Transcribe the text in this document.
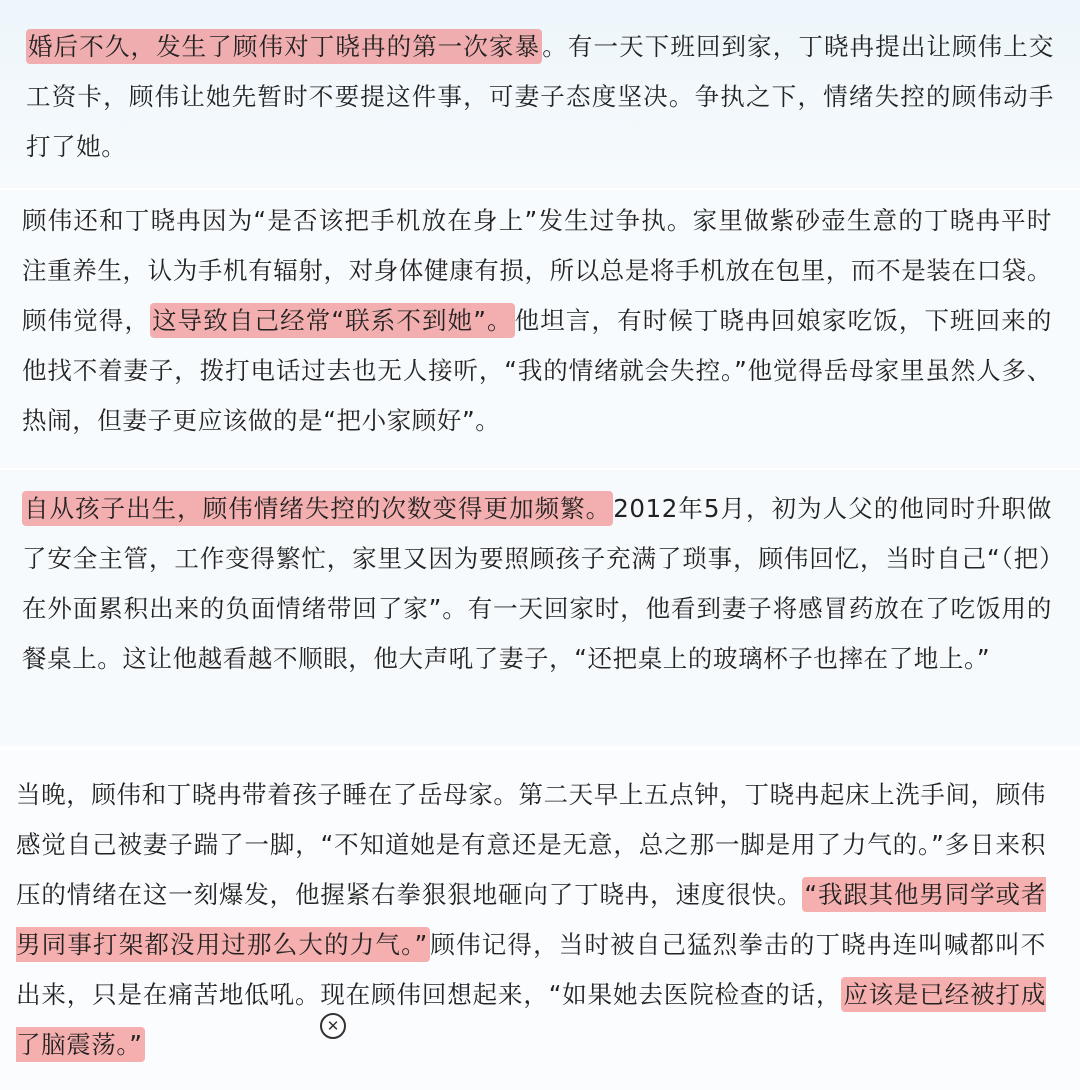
婚后不久，发生了顾伟对丁晓冉的第一次家暴。有一天下班回到家，丁晓冉提出让顾伟上交工资卡，顾伟让她先暂时不要提这件事，可妻子态度坚决。争执之下，情绪失控的顾伟动手打了她。

顾伟还和丁晓冉因为“是否该把手机放在身上”发生过争执。家里做紫砂壶生意的丁晓冉平时注重养生，认为手机有辐射，对身体健康有损，所以总是将手机放在包里，而不是装在口袋。顾伟觉得，这导致自己经常“联系不到她”。他坦言，有时候丁晓冉回娘家吃饭，下班回来的他找不着妻子，拨打电话过去也无人接听，“我的情绪就会失控。”他觉得岳母家里虽然人多、热闹，但妻子更应该做的是“把小家顾好”。

自从孩子出生，顾伟情绪失控的次数变得更加频繁。2012年5月，初为人父的他同时升职做了安全主管，工作变得繁忙，家里又因为要照顾孩子充满了琐事，顾伟回忆，当时自己“（把）在外面累积出来的负面情绪带回了家”。有一天回家时，他看到妻子将感冒药放在了吃饭用的餐桌上。这让他越看越不顺眼，他大声吼了妻子，“还把桌上的玻璃杯子也摔在了地上。”

当晚，顾伟和丁晓冉带着孩子睡在了岳母家。第二天早上五点钟，丁晓冉起床上洗手间，顾伟感觉自己被妻子踹了一脚，“不知道她是有意还是无意，总之那一脚是用了力气的。”多日来积压的情绪在这一刻爆发，他握紧右拳狠狠地砸向了丁晓冉，速度很快。“我跟其他男同学或者男同事打架都没用过那么大的力气。”顾伟记得，当时被自己猛烈拳击的丁晓冉连叫喊都叫不出来，只是在痛苦地低吼。现在顾伟回想起来，“如果她去医院检查的话，应该是已经被打成了脑震荡。”

✕
